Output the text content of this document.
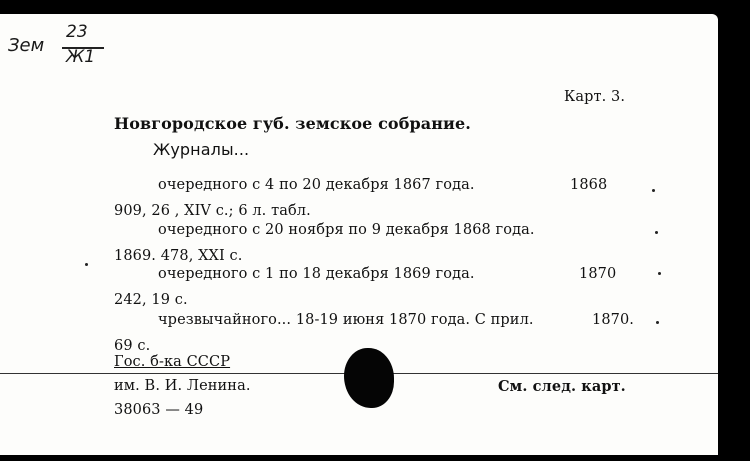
Зем
23
Ж1
Карт. 3.
Новгородское губ. земское собрание.
Журналы...
очередного с 4 по 20 декабря 1867 года.	1868
909, 26 , XIV с.; 6 л. табл.
очередного с 20 ноября по 9 декабря 1868 года.
1869. 478, XXI с.
очередного с 1 по 18 декабря 1869 года.	1870
242, 19 с.
чрезвычайного... 18-19 июня 1870 года. С прил.	1870.
69 с.
Гос. б-ка СССР
им. В. И. Ленина.	См. след. карт.
38063 — 49
